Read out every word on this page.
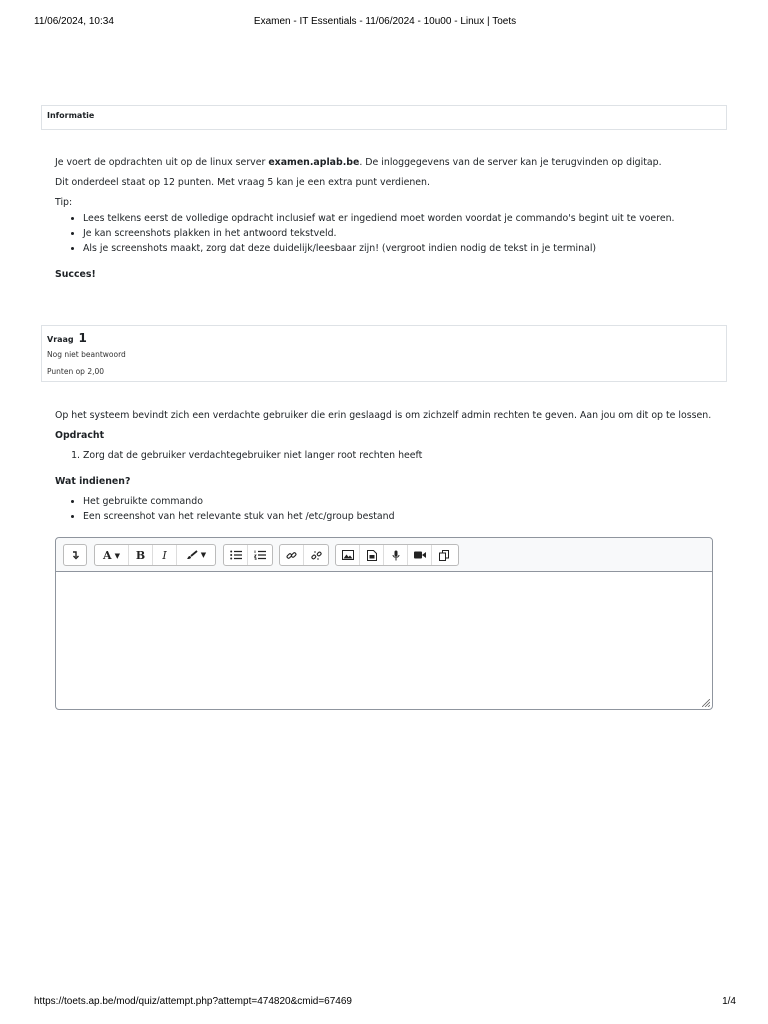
11/06/2024, 10:34	Examen - IT Essentials - 11/06/2024 - 10u00 - Linux | Toets
Informatie

Je voert de opdrachten uit op de linux server examen.aplab.be. De inloggegevens van de server kan je terugvinden op digitap.

Dit onderdeel staat op 12 punten. Met vraag 5 kan je een extra punt verdienen.

Tip:

• Lees telkens eerst de volledige opdracht inclusief wat er ingediend moet worden voordat je commando's begint uit te voeren.
• Je kan screenshots plakken in het antwoord tekstveld.
• Als je screenshots maakt, zorg dat deze duidelijk/leesbaar zijn! (vergroot indien nodig de tekst in je terminal)

Succes!

Vraag 1
Nog niet beantwoord
Punten op 2,00

Op het systeem bevindt zich een verdachte gebruiker die erin geslaagd is om zichzelf admin rechten te geven. Aan jou om dit op te lossen.

Opdracht

1. Zorg dat de gebruiker verdachtegebruiker niet langer root rechten heeft

Wat indienen?

• Het gebruikte commando
• Een screenshot van het relevante stuk van het /etc/group bestand
A ▼	B	I	▼
https://toets.ap.be/mod/quiz/attempt.php?attempt=474820&cmid=67469	1/4
